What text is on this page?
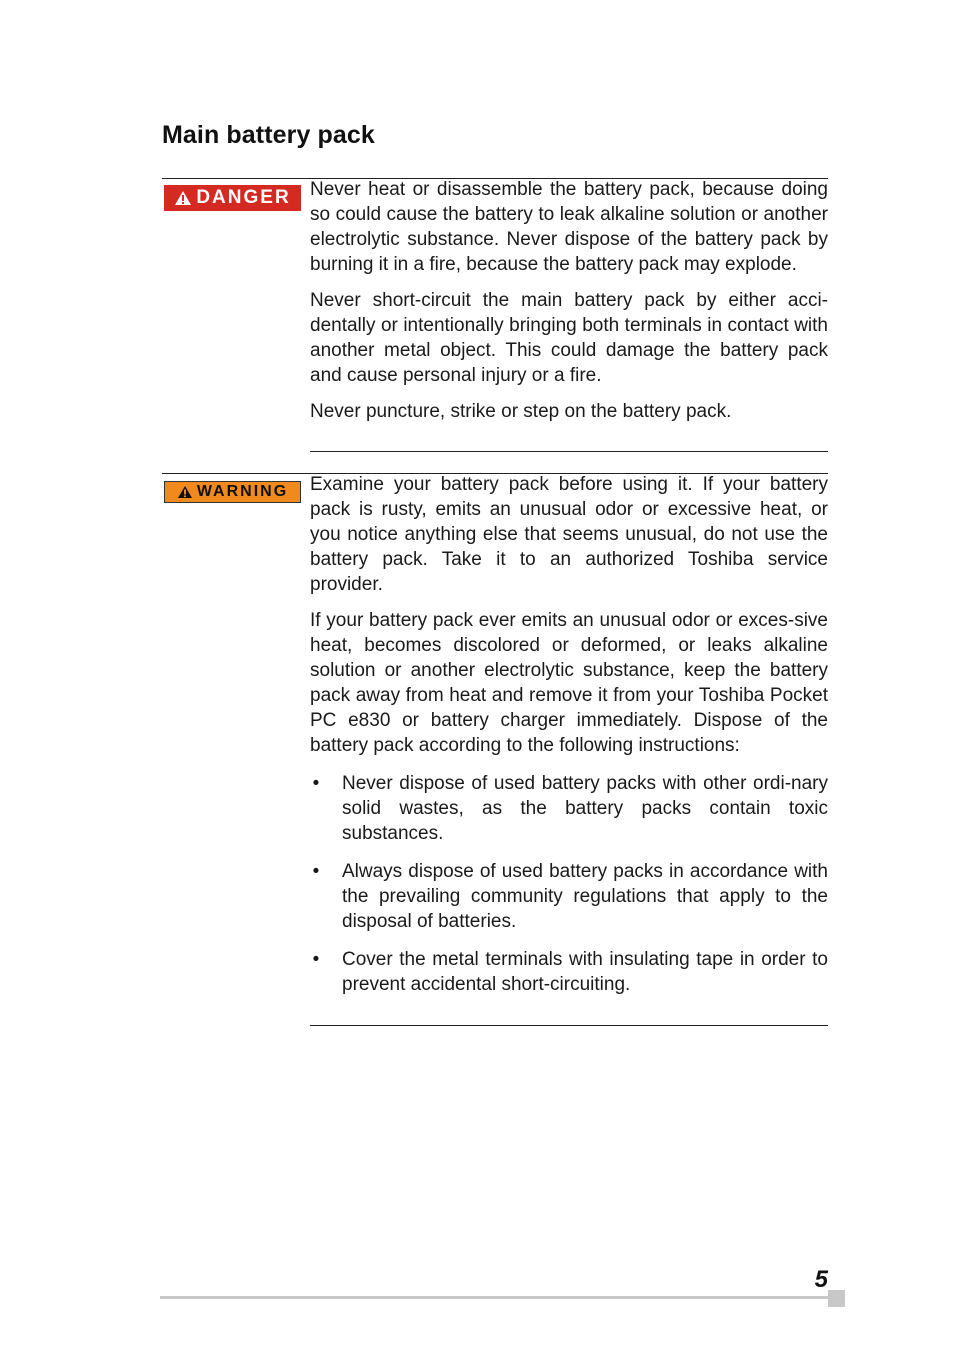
Main battery pack
DANGER Never heat or disassemble the battery pack, because doing so could cause the battery to leak alkaline solution or another electrolytic substance. Never dispose of the battery pack by burning it in a fire, because the battery pack may explode.

Never short-circuit the main battery pack by either acci-dentally or intentionally bringing both terminals in contact with another metal object. This could damage the battery pack and cause personal injury or a fire.

Never puncture, strike or step on the battery pack.

WARNING Examine your battery pack before using it. If your battery pack is rusty, emits an unusual odor or excessive heat, or you notice anything else that seems unusual, do not use the battery pack. Take it to an authorized Toshiba service provider.

If your battery pack ever emits an unusual odor or exces-sive heat, becomes discolored or deformed, or leaks alkaline solution or another electrolytic substance, keep the battery pack away from heat and remove it from your Toshiba Pocket PC e830 or battery charger immediately. Dispose of the battery pack according to the following instructions:

• Never dispose of used battery packs with other ordi-nary solid wastes, as the battery packs contain toxic substances.
• Always dispose of used battery packs in accordance with the prevailing community regulations that apply to the disposal of batteries.
• Cover the metal terminals with insulating tape in order to prevent accidental short-circuiting.
5
